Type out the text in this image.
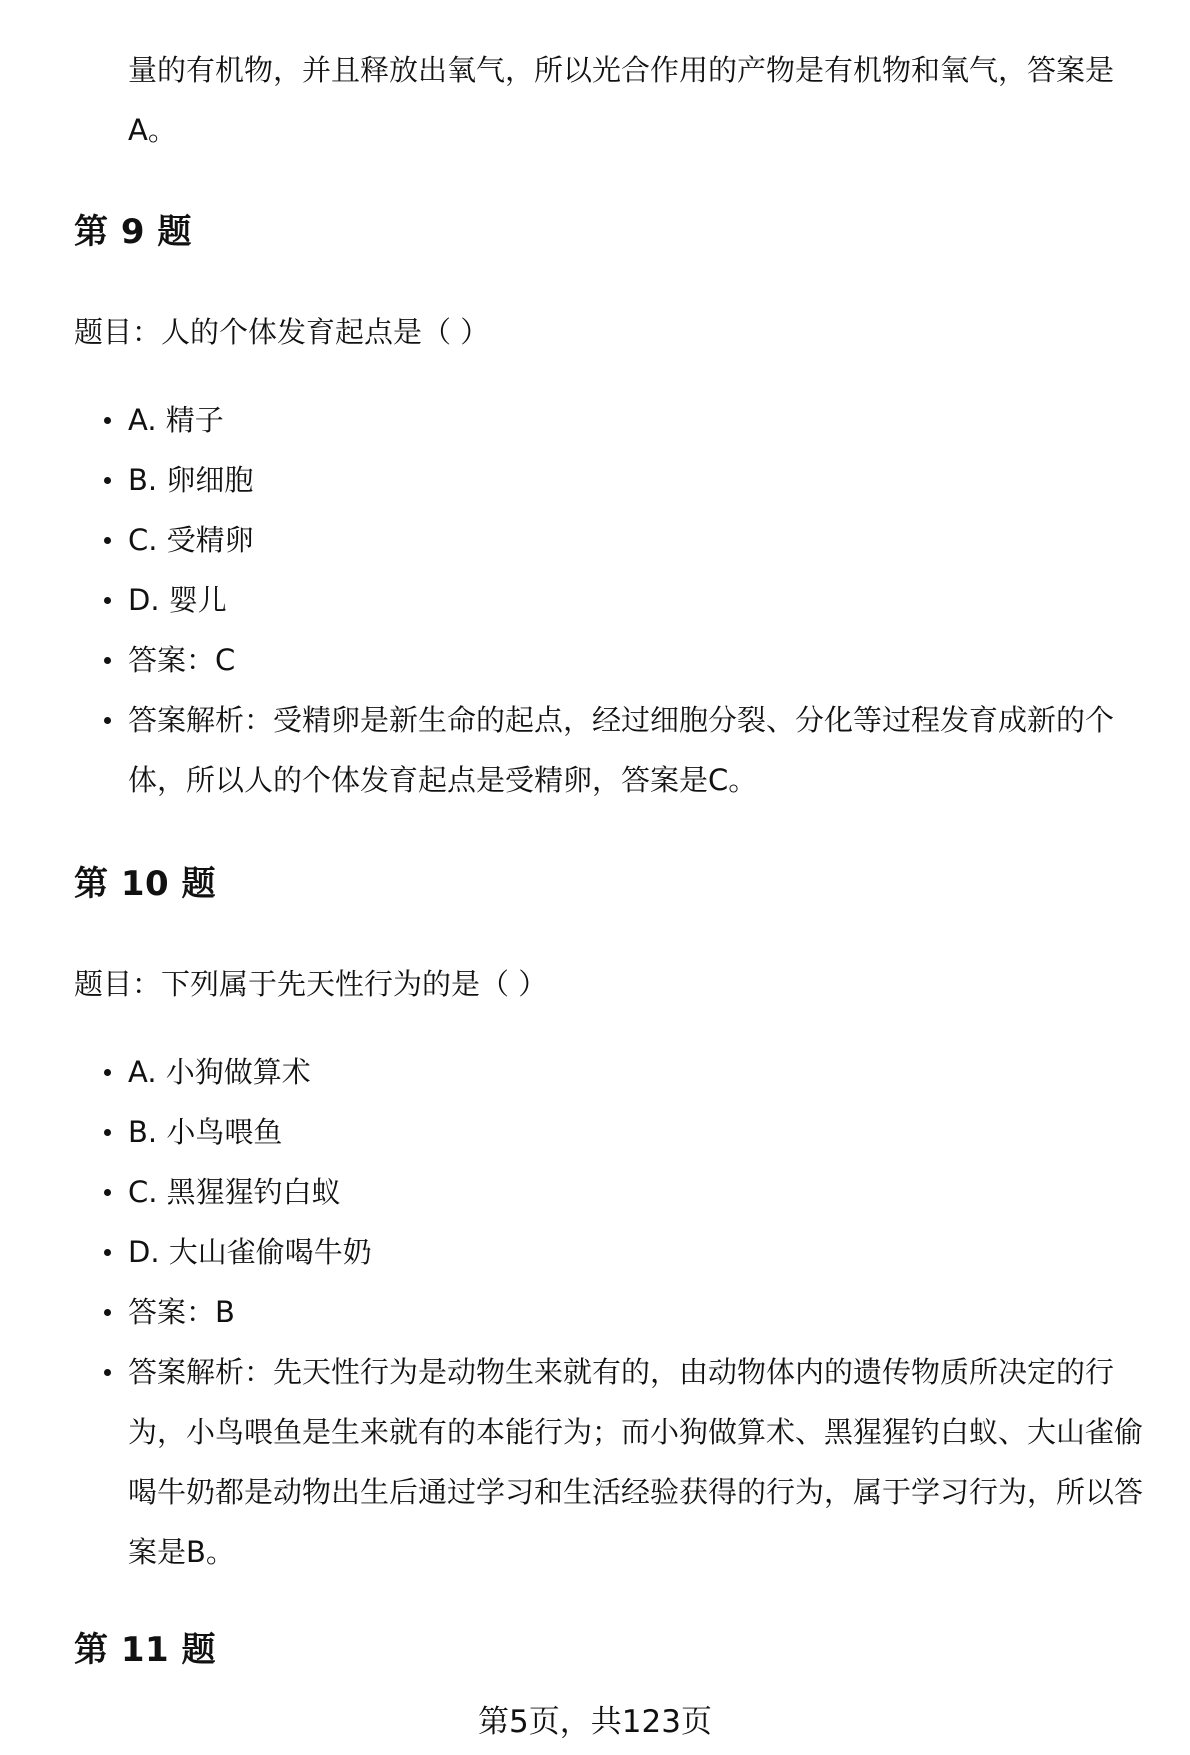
量的有机物，并且释放出氧气，所以光合作用的产物是有机物和氧气，答案是A。
第 9 题
题目：人的个体发育起点是（ ）
A. 精子
B. 卵细胞
C. 受精卵
D. 婴儿
答案：C
答案解析：受精卵是新生命的起点，经过细胞分裂、分化等过程发育成新的个体，所以人的个体发育起点是受精卵，答案是C。
第 10 题
题目：下列属于先天性行为的是（ ）
A. 小狗做算术
B. 小鸟喂鱼
C. 黑猩猩钓白蚁
D. 大山雀偷喝牛奶
答案：B
答案解析：先天性行为是动物生来就有的，由动物体内的遗传物质所决定的行为，小鸟喂鱼是生来就有的本能行为；而小狗做算术、黑猩猩钓白蚁、大山雀偷喝牛奶都是动物出生后通过学习和生活经验获得的行为，属于学习行为，所以答案是B。
第 11 题
第5页，共123页
